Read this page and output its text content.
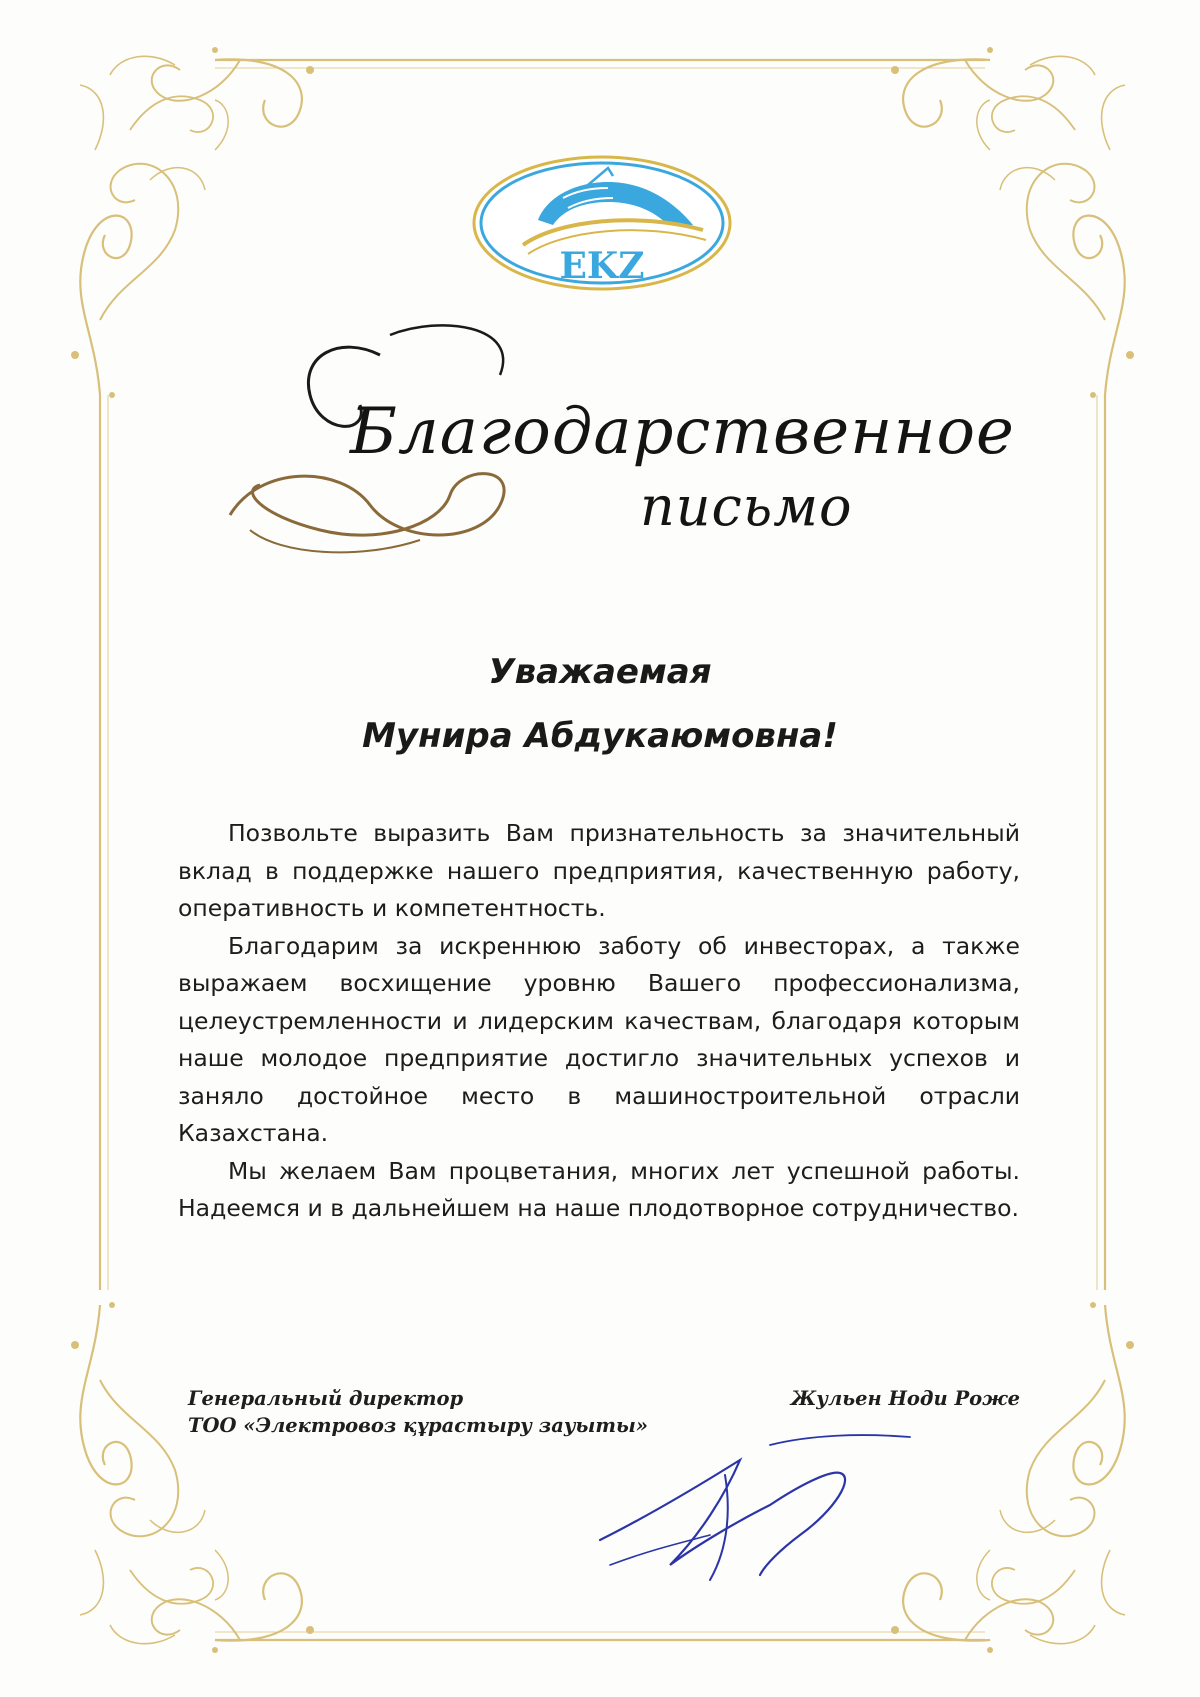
EKZ
Благодарственное
письмо
Уважаемая
Мунира Абдукаюмовна!

Позвольте выразить Вам признательность за значительный вклад в поддержке нашего предприятия, качественную работу, оперативность и компетентность.

Благодарим за искреннюю заботу об инвесторах, а также выражаем восхищение уровню Вашего профессионализма, целеустремленности и лидерским качествам, благодаря которым наше молодое предприятие достигло значительных успехов и заняло достойное место в машиностроительной отрасли Казахстана.

Мы желаем Вам процветания, многих лет успешной работы. Надеемся и в дальнейшем на наше плодотворное сотрудничество.

Генеральный директор
ТОО «Электровоз құрастыру зауыты»
Жульен Ноди Роже
